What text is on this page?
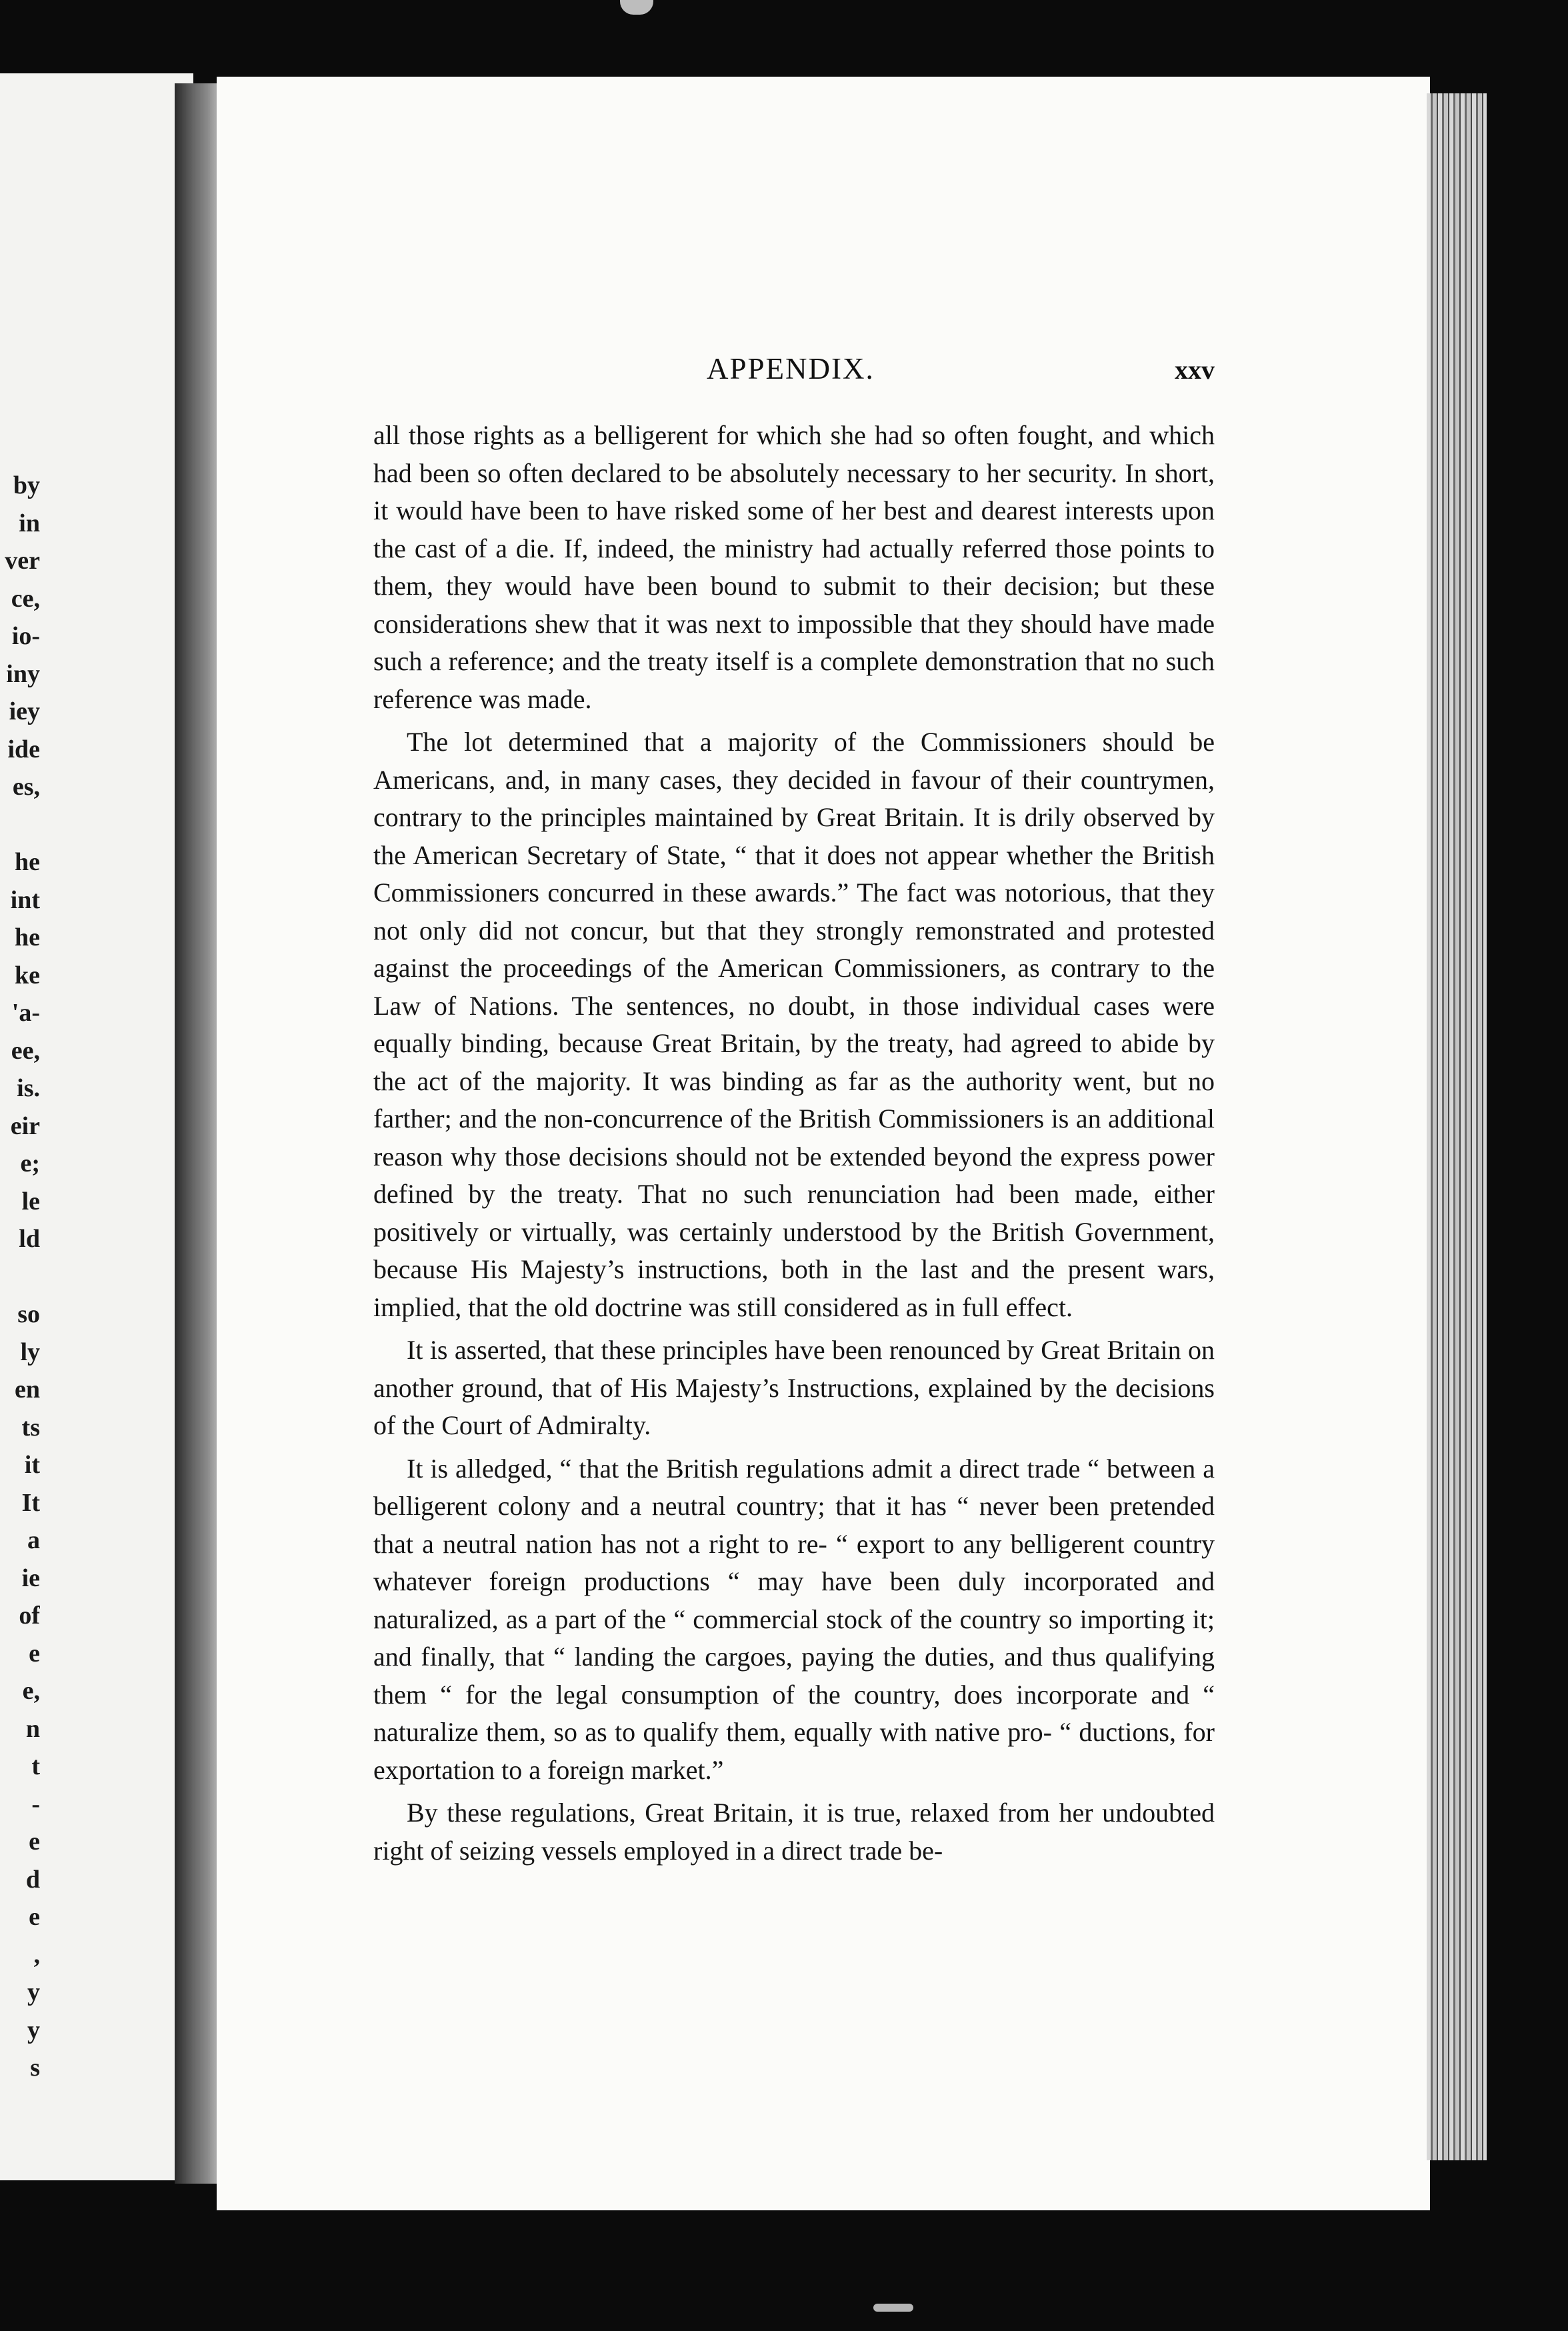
by
in
ver
ce,
io-
iny
iey
ide
es,
he
int
he
ke
'a-
ee,
is.
eir
e;
le
ld
so
ly
en
ts
it
It
a
ie
of
e
e,
n
t
-
e
d
e
,
y
y
s
APPENDIX.	xxv

all those rights as a belligerent for which she had so often fought, and which had been so often declared to be absolutely necessary to her security. In short, it would have been to have risked some of her best and dearest interests upon the cast of a die. If, indeed, the ministry had actually referred those points to them, they would have been bound to submit to their decision; but these considerations shew that it was next to impossible that they should have made such a reference; and the treaty itself is a complete demonstration that no such reference was made.

The lot determined that a majority of the Commissioners should be Americans, and, in many cases, they decided in favour of their countrymen, contrary to the principles maintained by Great Britain. It is drily observed by the American Secretary of State, “ that it does not appear whether the British Commissioners concurred in these awards.” The fact was notorious, that they not only did not concur, but that they strongly remonstrated and protested against the proceedings of the American Commissioners, as contrary to the Law of Nations. The sentences, no doubt, in those individual cases were equally binding, because Great Britain, by the treaty, had agreed to abide by the act of the majority. It was binding as far as the authority went, but no farther; and the non-concurrence of the British Commissioners is an additional reason why those decisions should not be extended beyond the express power defined by the treaty. That no such renunciation had been made, either positively or virtually, was certainly understood by the British Government, because His Majesty’s instructions, both in the last and the present wars, implied, that the old doctrine was still considered as in full effect.

It is asserted, that these principles have been renounced by Great Britain on another ground, that of His Majesty’s Instructions, explained by the decisions of the Court of Admiralty.

It is alledged, “ that the British regulations admit a direct trade “ between a belligerent colony and a neutral country; that it has “ never been pretended that a neutral nation has not a right to re- “ export to any belligerent country whatever foreign productions “ may have been duly incorporated and naturalized, as a part of the “ commercial stock of the country so importing it; and finally, that “ landing the cargoes, paying the duties, and thus qualifying them “ for the legal consumption of the country, does incorporate and “ naturalize them, so as to qualify them, equally with native pro- “ ductions, for exportation to a foreign market.”

By these regulations, Great Britain, it is true, relaxed from her undoubted right of seizing vessels employed in a direct trade be-
